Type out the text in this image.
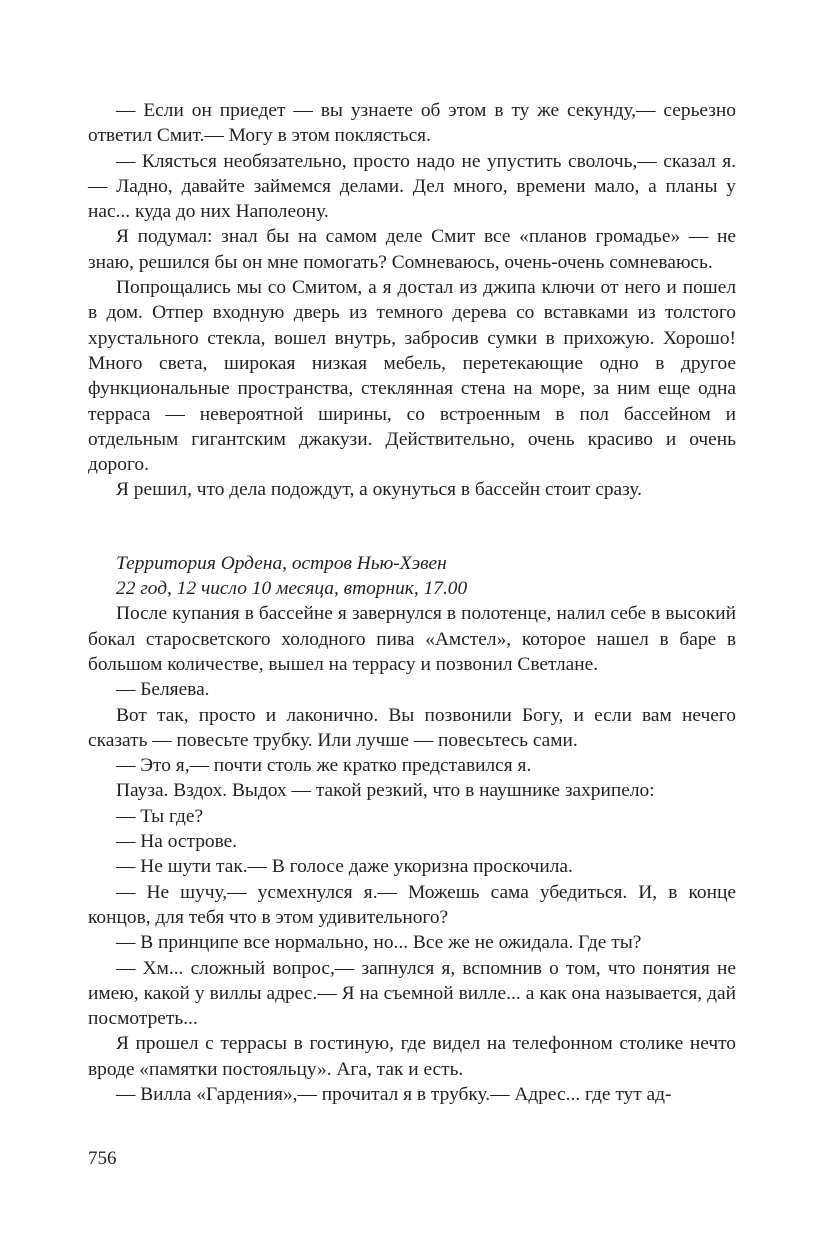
— Если он приедет — вы узнаете об этом в ту же секунду,— серьезно ответил Смит.— Могу в этом поклясться.

— Клясться необязательно, просто надо не упустить сволочь,— сказал я.— Ладно, давайте займемся делами. Дел много, времени мало, а планы у нас... куда до них Наполеону.

Я подумал: знал бы на самом деле Смит все «планов громадье» — не знаю, решился бы он мне помогать? Сомневаюсь, очень-очень сомневаюсь.

Попрощались мы со Смитом, а я достал из джипа ключи от него и пошел в дом. Отпер входную дверь из темного дерева со вставками из толстого хрустального стекла, вошел внутрь, забросив сумки в прихожую. Хорошо! Много света, широкая низкая мебель, перетекающие одно в другое функциональные пространства, стеклянная стена на море, за ним еще одна терраса — невероятной ширины, со встроенным в пол бассейном и отдельным гигантским джакузи. Действительно, очень красиво и очень дорого.

Я решил, что дела подождут, а окунуться в бассейн стоит сразу.

Территория Ордена, остров Нью-Хэвен

22 год, 12 число 10 месяца, вторник, 17.00

После купания в бассейне я завернулся в полотенце, налил себе в высокий бокал старосветского холодного пива «Амстел», которое нашел в баре в большом количестве, вышел на террасу и позвонил Светлане.

— Беляева.

Вот так, просто и лаконично. Вы позвонили Богу, и если вам нечего сказать — повесьте трубку. Или лучше — повесьтесь сами.

— Это я,— почти столь же кратко представился я.

Пауза. Вздох. Выдох — такой резкий, что в наушнике захрипело:

— Ты где?

— На острове.

— Не шути так.— В голосе даже укоризна проскочила.

— Не шучу,— усмехнулся я.— Можешь сама убедиться. И, в конце концов, для тебя что в этом удивительного?

— В принципе все нормально, но... Все же не ожидала. Где ты?

— Хм... сложный вопрос,— запнулся я, вспомнив о том, что понятия не имею, какой у виллы адрес.— Я на съемной вилле... а как она называется, дай посмотреть...

Я прошел с террасы в гостиную, где видел на телефонном столике нечто вроде «памятки постояльцу». Ага, так и есть.

— Вилла «Гардения»,— прочитал я в трубку.— Адрес... где тут ад-

756
